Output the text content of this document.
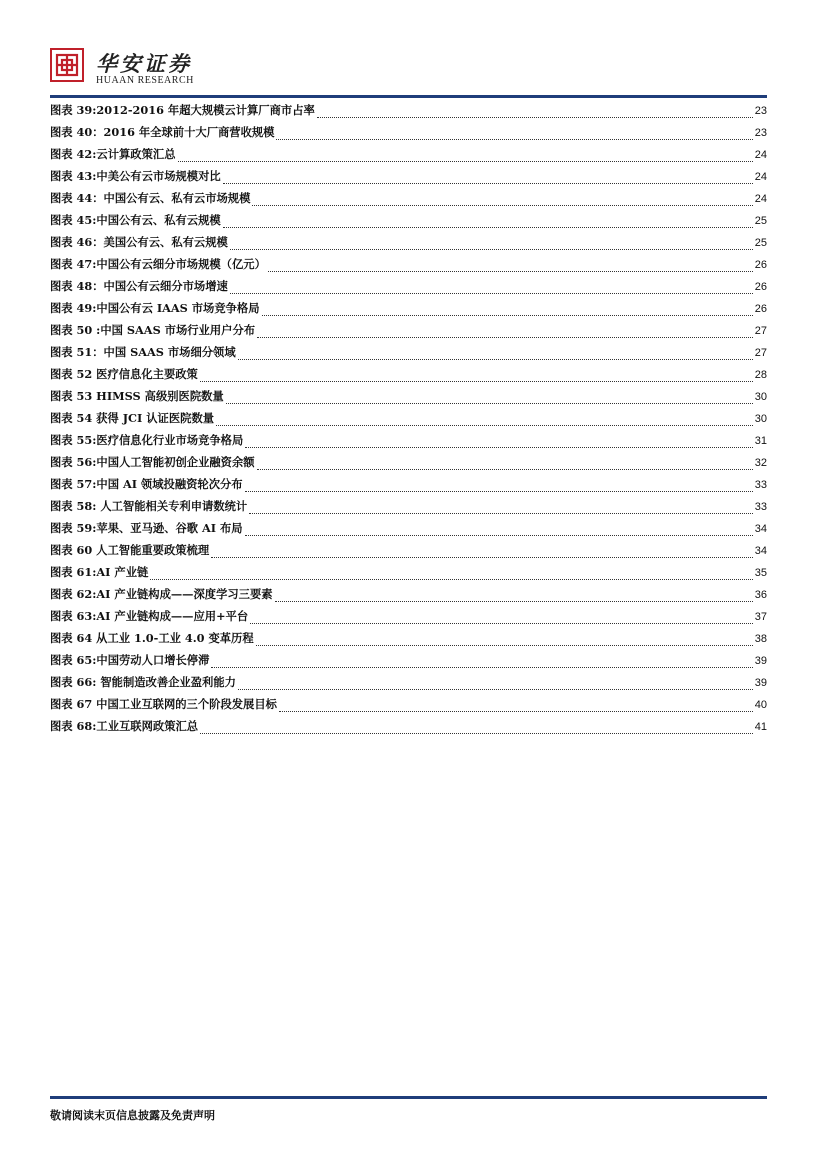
华安证券
HUAAN RESEARCH
图表 39:2012-2016 年超大规模云计算厂商市占率	23
图表 40：2016 年全球前十大厂商营收规模	23
图表 42:云计算政策汇总	24
图表 43:中美公有云市场规模对比	24
图表 44：中国公有云、私有云市场规模	24
图表 45:中国公有云、私有云规模	25
图表 46：美国公有云、私有云规模	25
图表 47:中国公有云细分市场规模（亿元）	26
图表 48：中国公有云细分市场增速	26
图表 49:中国公有云 IAAS 市场竞争格局	26
图表 50 :中国 SAAS 市场行业用户分布	27
图表 51：中国 SAAS 市场细分领域	27
图表 52 医疗信息化主要政策	28
图表 53 HIMSS 高级别医院数量	30
图表 54 获得 JCI 认证医院数量	30
图表 55:医疗信息化行业市场竞争格局	31
图表 56:中国人工智能初创企业融资余额	32
图表 57:中国 AI 领域投融资轮次分布	33
图表 58: 人工智能相关专利申请数统计	33
图表 59:苹果、亚马逊、谷歌 AI 布局	34
图表 60 人工智能重要政策梳理	34
图表 61:AI 产业链	35
图表 62:AI 产业链构成——深度学习三要素	36
图表 63:AI 产业链构成——应用+平台	37
图表 64 从工业 1.0-工业 4.0 变革历程	38
图表 65:中国劳动人口增长停滞	39
图表 66: 智能制造改善企业盈利能力	39
图表 67 中国工业互联网的三个阶段发展目标	40
图表 68:工业互联网政策汇总	41
敬请阅读末页信息披露及免责声明
